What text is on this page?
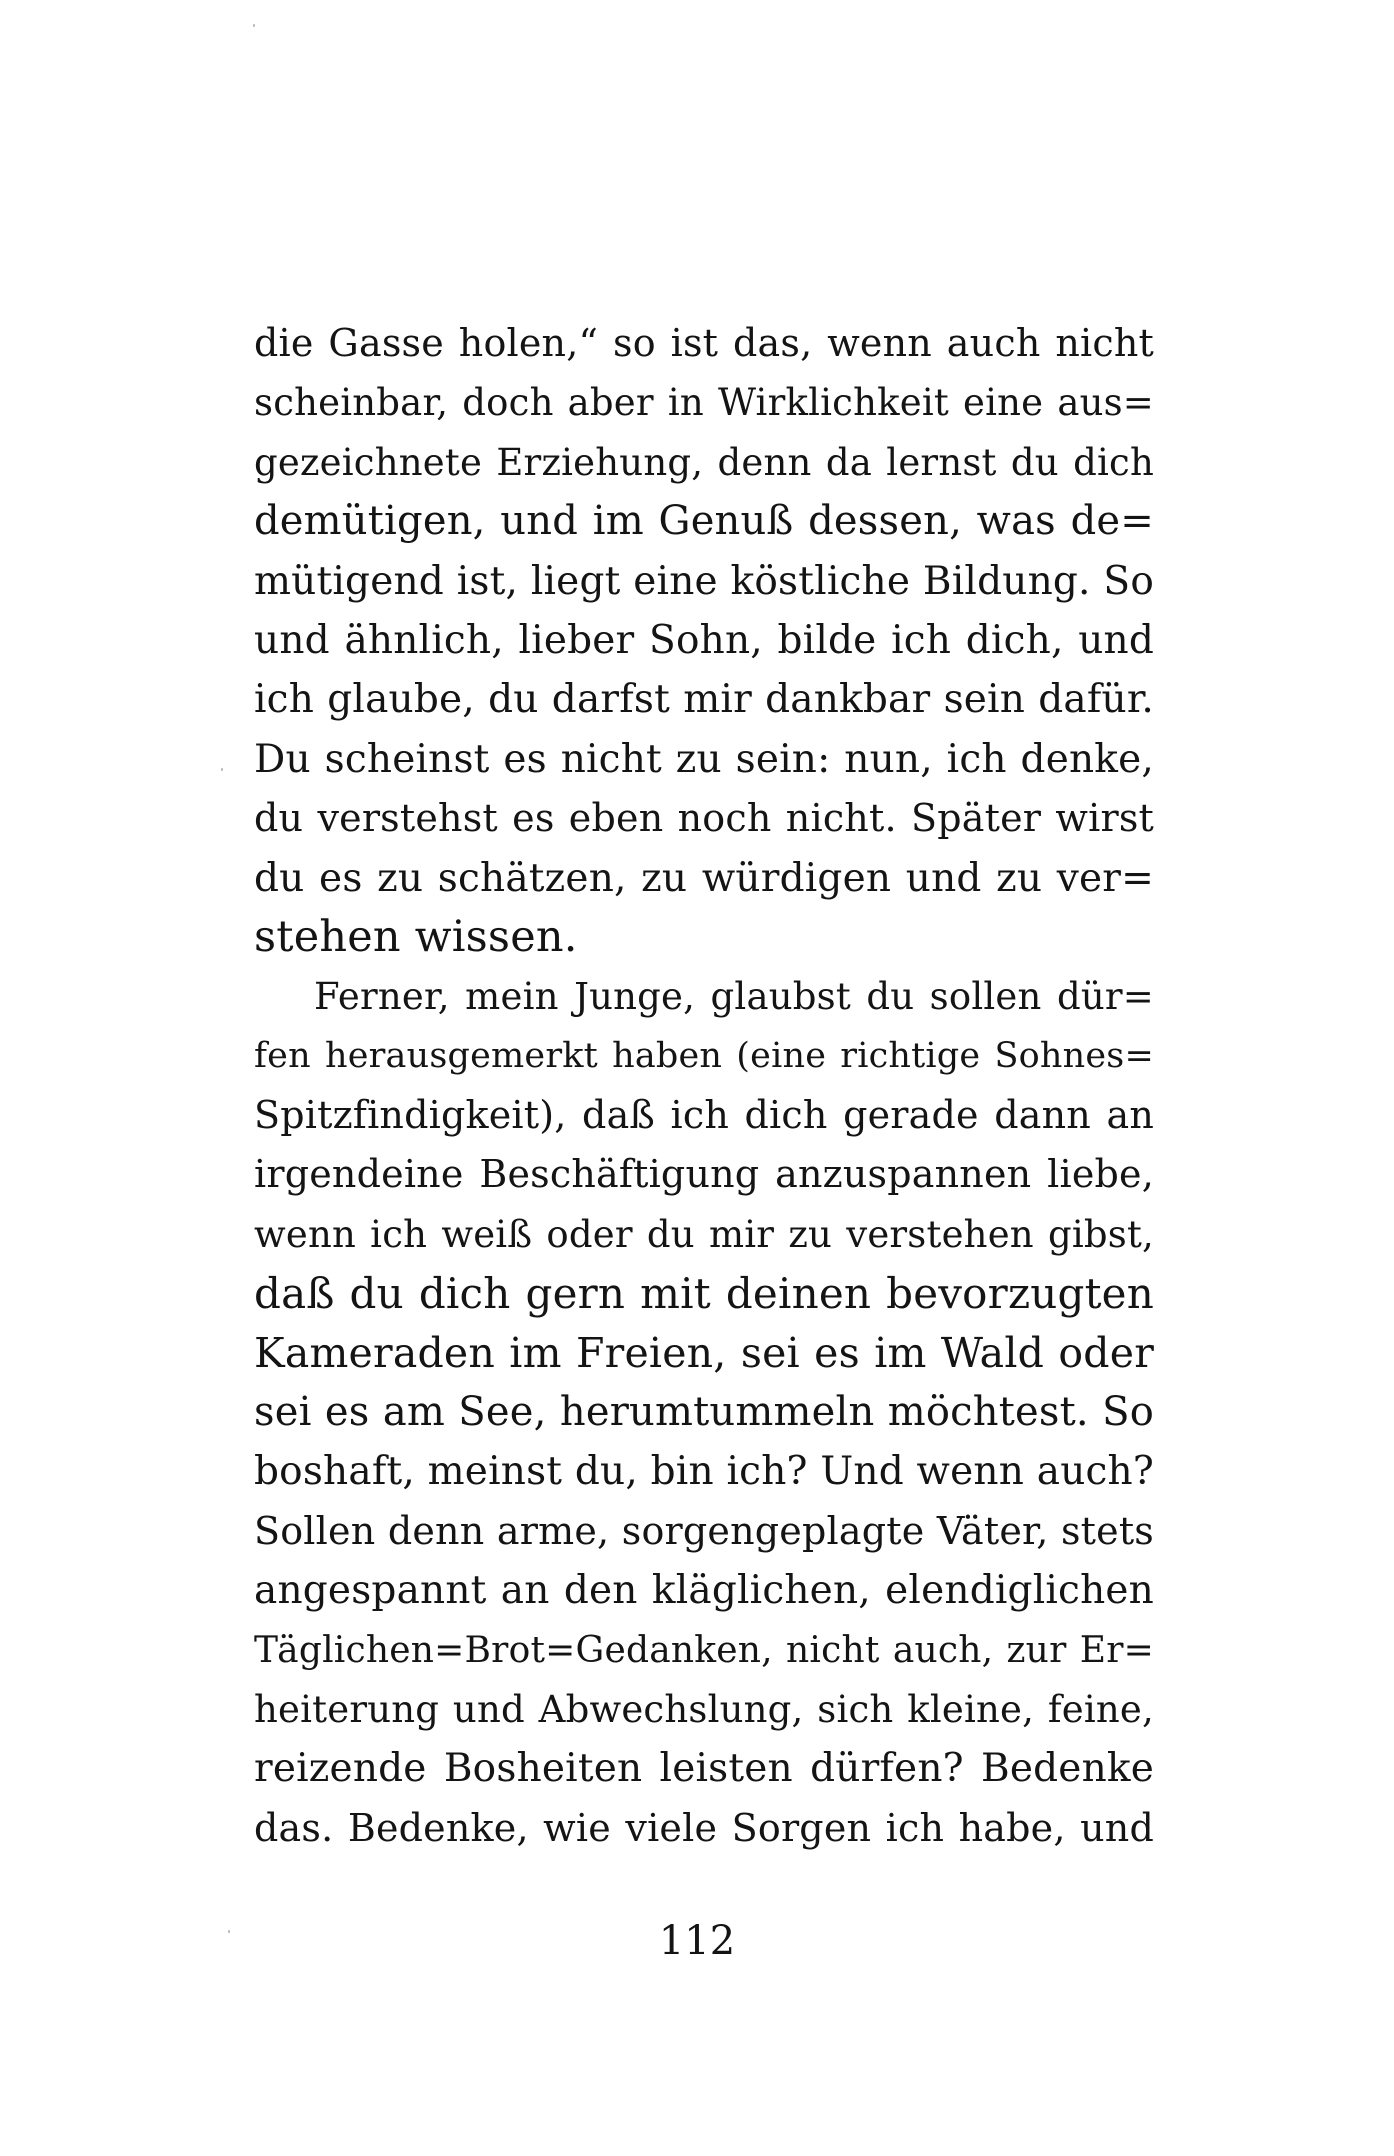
die Gasse holen,“ so ist das, wenn auch nicht
scheinbar, doch aber in Wirklichkeit eine aus=
gezeichnete Erziehung, denn da lernst du dich
demütigen, und im Genuß dessen, was de=
mütigend ist, liegt eine köstliche Bildung. So
und ähnlich, lieber Sohn, bilde ich dich, und
ich glaube, du darfst mir dankbar sein dafür.
Du scheinst es nicht zu sein: nun, ich denke,
du verstehst es eben noch nicht. Später wirst
du es zu schätzen, zu würdigen und zu ver=
stehen wissen.
Ferner, mein Junge, glaubst du sollen dür=
fen herausgemerkt haben (eine richtige Sohnes=
Spitzfindigkeit), daß ich dich gerade dann an
irgendeine Beschäftigung anzuspannen liebe,
wenn ich weiß oder du mir zu verstehen gibst,
daß du dich gern mit deinen bevorzugten
Kameraden im Freien, sei es im Wald oder
sei es am See, herumtummeln möchtest. So
boshaft, meinst du, bin ich? Und wenn auch?
Sollen denn arme, sorgengeplagte Väter, stets
angespannt an den kläglichen, elendiglichen
Täglichen=Brot=Gedanken, nicht auch, zur Er=
heiterung und Abwechslung, sich kleine, feine,
reizende Bosheiten leisten dürfen? Bedenke
das. Bedenke, wie viele Sorgen ich habe, und
112
